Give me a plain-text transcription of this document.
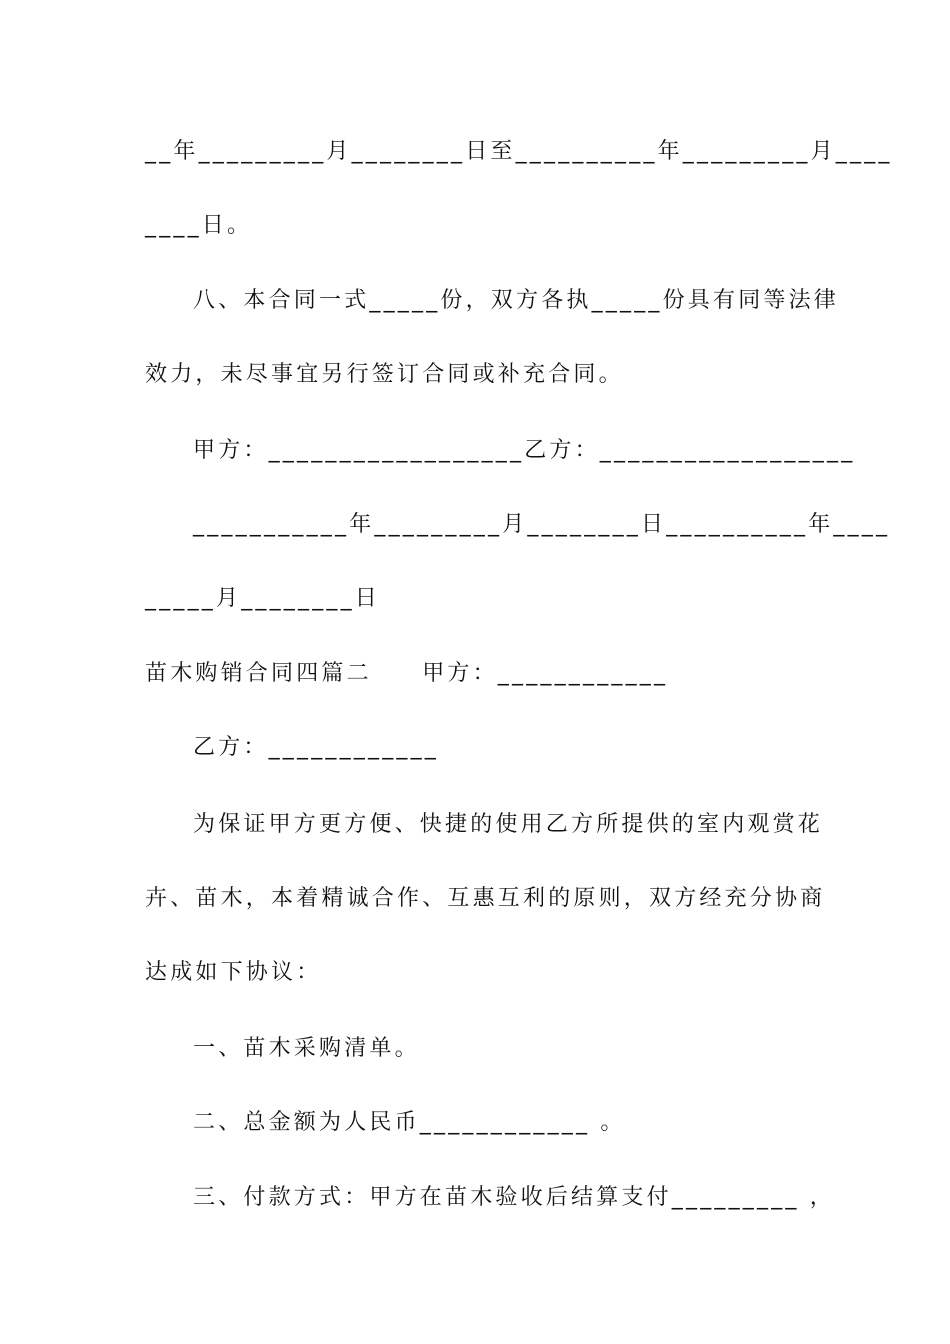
__年_________月________日至__________年_________月____
____日。
八、本合同一式_____份，双方各执_____份具有同等法律
效力，未尽事宜另行签订合同或补充合同。
甲方：__________________乙方：__________________
___________年_________月________日__________年____
_____月________日
苗木购销合同四篇二　　甲方：____________
乙方：____________
为保证甲方更方便、快捷的使用乙方所提供的室内观赏花
卉、苗木，本着精诚合作、互惠互利的原则，双方经充分协商
达成如下协议：
一、苗木采购清单。
二、总金额为人民币____________ 。
三、付款方式：甲方在苗木验收后结算支付_________ ，
